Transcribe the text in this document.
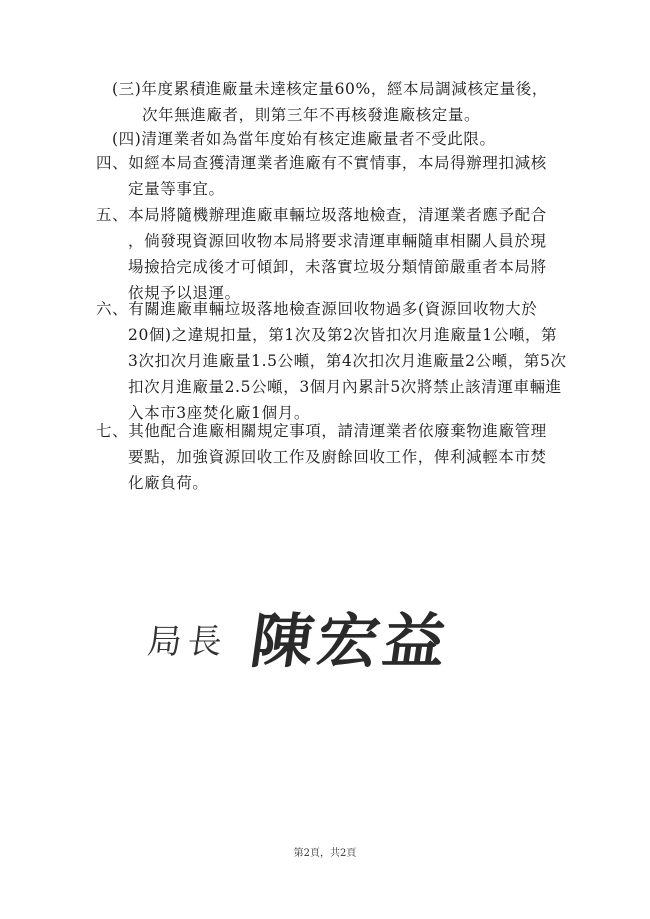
(三)年度累積進廠量未達核定量60%，經本局調減核定量後，
次年無進廠者，則第三年不再核發進廠核定量。
(四)清運業者如為當年度始有核定進廠量者不受此限。
四、如經本局查獲清運業者進廠有不實情事，本局得辦理扣減核
定量等事宜。
五、本局將隨機辦理進廠車輛垃圾落地檢查，清運業者應予配合
，倘發現資源回收物本局將要求清運車輛隨車相關人員於現
場撿拾完成後才可傾卸，未落實垃圾分類情節嚴重者本局將
依規予以退運。
六、有關進廠車輛垃圾落地檢查源回收物過多(資源回收物大於
20個)之違規扣量，第1次及第2次皆扣次月進廠量1公噸，第
3次扣次月進廠量1.5公噸，第4次扣次月進廠量2公噸，第5次
扣次月進廠量2.5公噸，3個月內累計5次將禁止該清運車輛進
入本市3座焚化廠1個月。
七、其他配合進廠相關規定事項，請清運業者依廢棄物進廠管理
要點，加強資源回收工作及廚餘回收工作，俾利減輕本市焚
化廠負荷。
局長 陳宏益
第2頁，共2頁
